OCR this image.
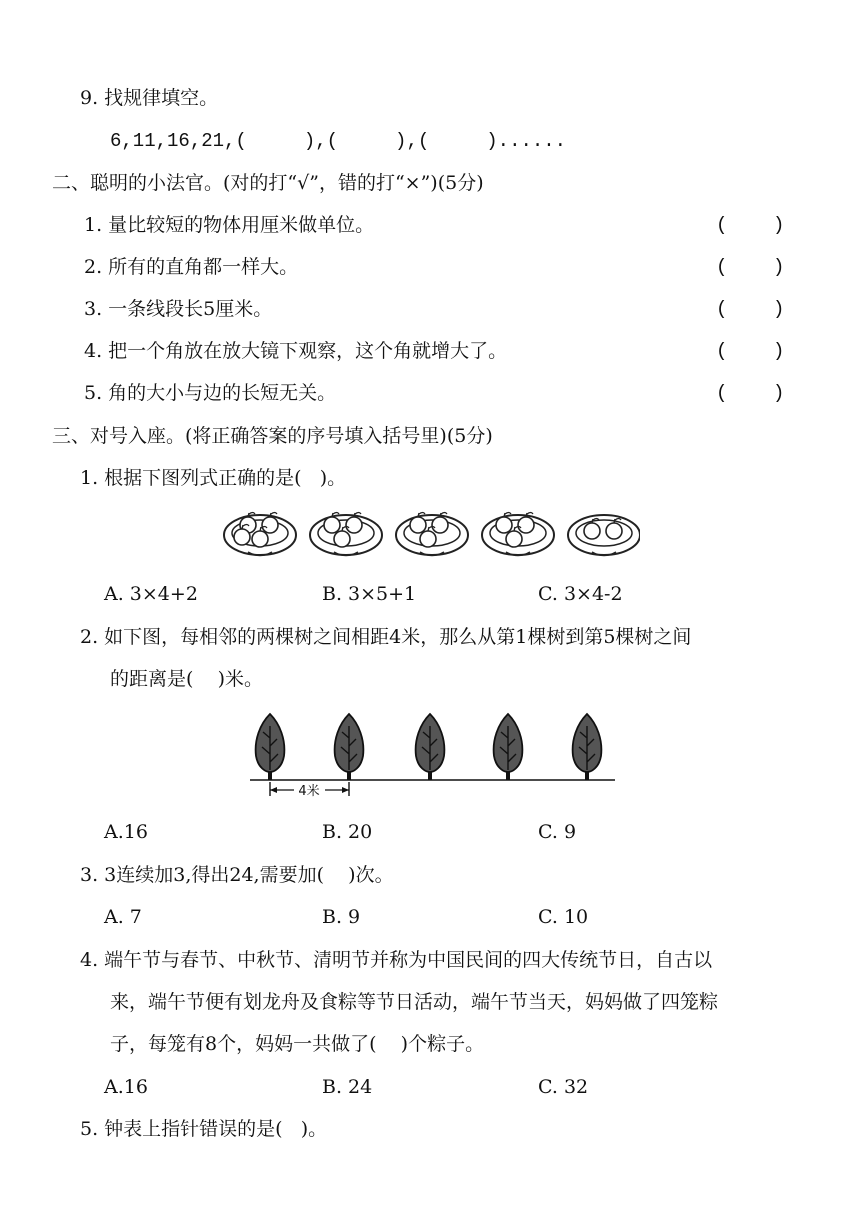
9. 找规律填空。
6,11,16,21,(     ),(     ),(     )......
二、聪明的小法官。(对的打“√”，错的打“×”)(5分)
1. 量比较短的物体用厘米做单位。	(    )
2. 所有的直角都一样大。	(    )
3. 一条线段长5厘米。	(    )
4. 把一个角放在放大镜下观察，这个角就增大了。	(    )
5. 角的大小与边的长短无关。	(    )
三、对号入座。(将正确答案的序号填入括号里)(5分)
1. 根据下图列式正确的是(   )。
A. 3×4+2	B. 3×5+1	C. 3×4-2
2. 如下图，每相邻的两棵树之间相距4米，那么从第1棵树到第5棵树之间
的距离是(    )米。
4米
A.16	B. 20	C. 9
3. 3连续加3,得出24,需要加(    )次。
A. 7	B. 9	C. 10
4. 端午节与春节、中秋节、清明节并称为中国民间的四大传统节日，自古以
来，端午节便有划龙舟及食粽等节日活动，端午节当天，妈妈做了四笼粽
子，每笼有8个，妈妈一共做了(    )个粽子。
A.16	B. 24	C. 32
5. 钟表上指针错误的是(   )。
